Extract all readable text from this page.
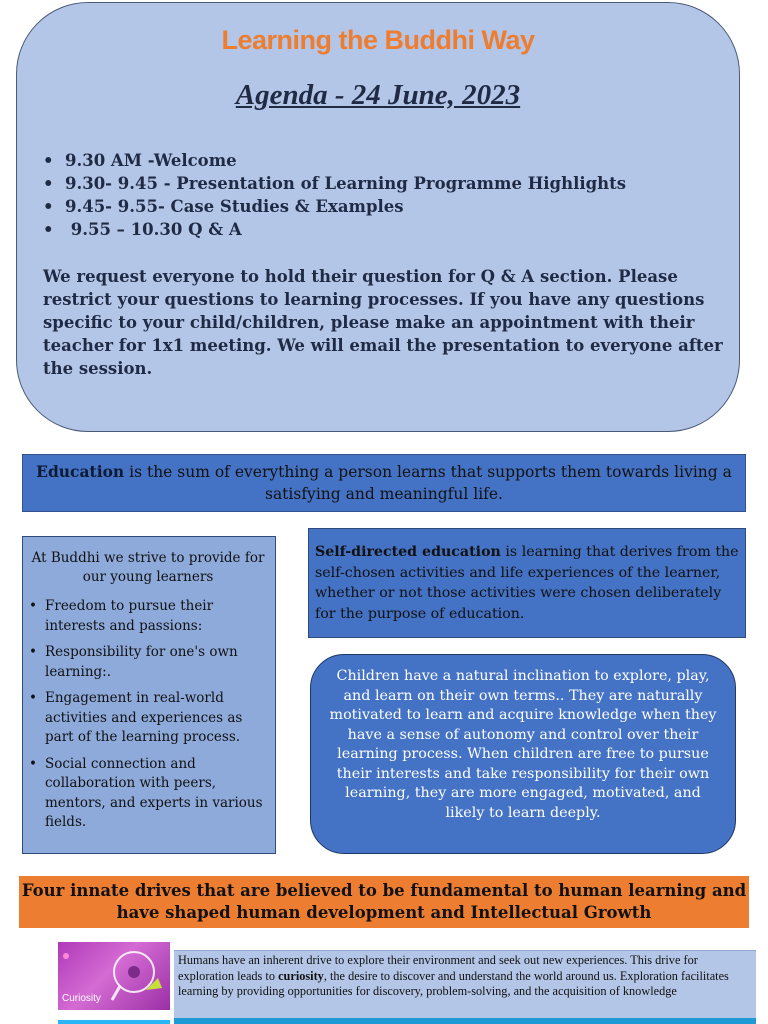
Learning the Buddhi Way
Agenda - 24 June, 2023
• 9.30 AM -Welcome
• 9.30- 9.45 - Presentation of Learning Programme Highlights
• 9.45- 9.55- Case Studies & Examples
•  9.55 – 10.30 Q & A
We request everyone to hold their question for Q & A section. Please restrict your questions to learning processes. If you have any questions specific to your child/children, please make an appointment with their teacher for 1x1 meeting. We will email the presentation to everyone after the session.
Education is the sum of everything a person learns that supports them towards living a satisfying and meaningful life.
At Buddhi we strive to provide for our young learners
• Freedom to pursue their interests and passions:
• Responsibility for one's own learning:.
• Engagement in real-world activities and experiences as part of the learning process.
• Social connection and collaboration with peers, mentors, and experts in various fields.
Self-directed education is learning that derives from the self-chosen activities and life experiences of the learner, whether or not those activities were chosen deliberately for the purpose of education.
Children have a natural inclination to explore, play, and learn on their own terms.. They are naturally motivated to learn and acquire knowledge when they have a sense of autonomy and control over their learning process. When children are free to pursue their interests and take responsibility for their own learning, they are more engaged, motivated, and likely to learn deeply.
Four innate drives that are believed to be fundamental to human learning and have shaped human development and Intellectual Growth
Curiosity
Humans have an inherent drive to explore their environment and seek out new experiences. This drive for exploration leads to curiosity, the desire to discover and understand the world around us. Exploration facilitates learning by providing opportunities for discovery, problem-solving, and the acquisition of knowledge
